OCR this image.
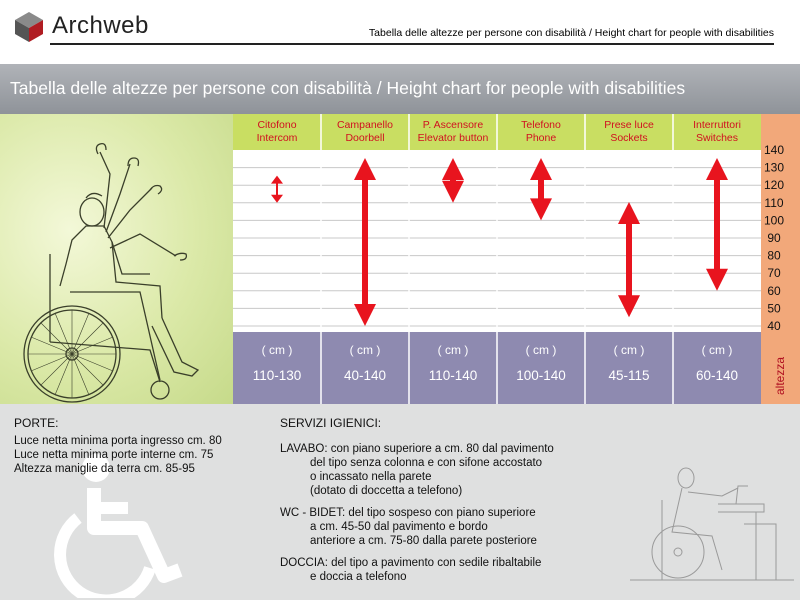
Archweb	Tabella delle altezze per persone con disabilità / Height chart for people with disabilities
Tabella delle altezze per persone con disabilità / Height chart for people with disabilities
140
130
120
110
100
90
80
70
60
50
40
altezza
Citofono
Intercom
( cm )
110-130
Campanello
Doorbell
( cm )
40-140
P. Ascensore
Elevator button
( cm )
110-140
Telefono
Phone
( cm )
100-140
Prese luce
Sockets
( cm )
45-115
Interruttori
Switches
( cm )
60-140
PORTE:
Luce netta minima porta ingresso cm. 80
Luce netta minima porte interne cm. 75
Altezza maniglie da terra cm. 85-95
SERVIZI IGIENICI:
LAVABO: con piano superiore a cm. 80 dal pavimento
del tipo senza colonna e con sifone accostato
o incassato nella parete
(dotato di doccetta a telefono)
WC - BIDET: del tipo sospeso con piano superiore
a cm. 45-50 dal pavimento e bordo
anteriore a cm. 75-80 dalla parete posteriore
DOCCIA: del tipo a pavimento con sedile ribaltabile
e doccia a telefono
